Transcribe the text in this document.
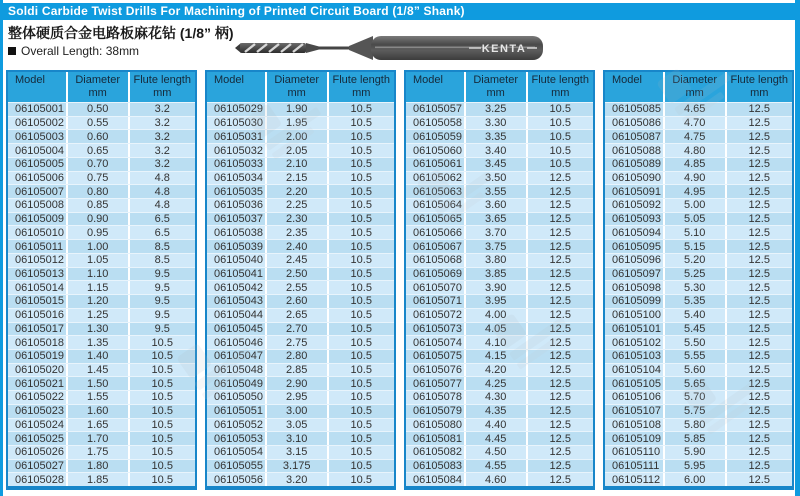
Soldi Carbide Twist Drills For Machining of Printed Circuit Board (1/8” Shank)
整体硬质合金电路板麻花钻 (1/8” 柄)
Overall Length: 38mm	KENTA
Model	Diameter
mm
Flute length
mm
06105001	0.50	3.2
06105002	0.55	3.2
06105003	0.60	3.2
06105004	0.65	3.2
06105005	0.70	3.2
06105006	0.75	4.8
06105007	0.80	4.8
06105008	0.85	4.8
06105009	0.90	6.5
06105010	0.95	6.5
06105011	1.00	8.5
06105012	1.05	8.5
06105013	1.10	9.5
06105014	1.15	9.5
06105015	1.20	9.5
06105016	1.25	9.5
06105017	1.30	9.5
06105018	1.35	10.5
06105019	1.40	10.5
06105020	1.45	10.5
06105021	1.50	10.5
06105022	1.55	10.5
06105023	1.60	10.5
06105024	1.65	10.5
06105025	1.70	10.5
06105026	1.75	10.5
06105027	1.80	10.5
06105028	1.85	10.5
Model	Diameter
mm
Flute length
mm
06105029	1.90	10.5
06105030	1.95	10.5
06105031	2.00	10.5
06105032	2.05	10.5
06105033	2.10	10.5
06105034	2.15	10.5
06105035	2.20	10.5
06105036	2.25	10.5
06105037	2.30	10.5
06105038	2.35	10.5
06105039	2.40	10.5
06105040	2.45	10.5
06105041	2.50	10.5
06105042	2.55	10.5
06105043	2.60	10.5
06105044	2.65	10.5
06105045	2.70	10.5
06105046	2.75	10.5
06105047	2.80	10.5
06105048	2.85	10.5
06105049	2.90	10.5
06105050	2.95	10.5
06105051	3.00	10.5
06105052	3.05	10.5
06105053	3.10	10.5
06105054	3.15	10.5
06105055	3.175	10.5
06105056	3.20	10.5
Model	Diameter
mm
Flute length
mm
06105057	3.25	10.5
06105058	3.30	10.5
06105059	3.35	10.5
06105060	3.40	10.5
06105061	3.45	10.5
06105062	3.50	12.5
06105063	3.55	12.5
06105064	3.60	12.5
06105065	3.65	12.5
06105066	3.70	12.5
06105067	3.75	12.5
06105068	3.80	12.5
06105069	3.85	12.5
06105070	3.90	12.5
06105071	3.95	12.5
06105072	4.00	12.5
06105073	4.05	12.5
06105074	4.10	12.5
06105075	4.15	12.5
06105076	4.20	12.5
06105077	4.25	12.5
06105078	4.30	12.5
06105079	4.35	12.5
06105080	4.40	12.5
06105081	4.45	12.5
06105082	4.50	12.5
06105083	4.55	12.5
06105084	4.60	12.5
Model	Diameter
mm
Flute length
mm
06105085	4.65	12.5
06105086	4.70	12.5
06105087	4.75	12.5
06105088	4.80	12.5
06105089	4.85	12.5
06105090	4.90	12.5
06105091	4.95	12.5
06105092	5.00	12.5
06105093	5.05	12.5
06105094	5.10	12.5
06105095	5.15	12.5
06105096	5.20	12.5
06105097	5.25	12.5
06105098	5.30	12.5
06105099	5.35	12.5
06105100	5.40	12.5
06105101	5.45	12.5
06105102	5.50	12.5
06105103	5.55	12.5
06105104	5.60	12.5
06105105	5.65	12.5
06105106	5.70	12.5
06105107	5.75	12.5
06105108	5.80	12.5
06105109	5.85	12.5
06105110	5.90	12.5
06105111	5.95	12.5
06105112	6.00	12.5
